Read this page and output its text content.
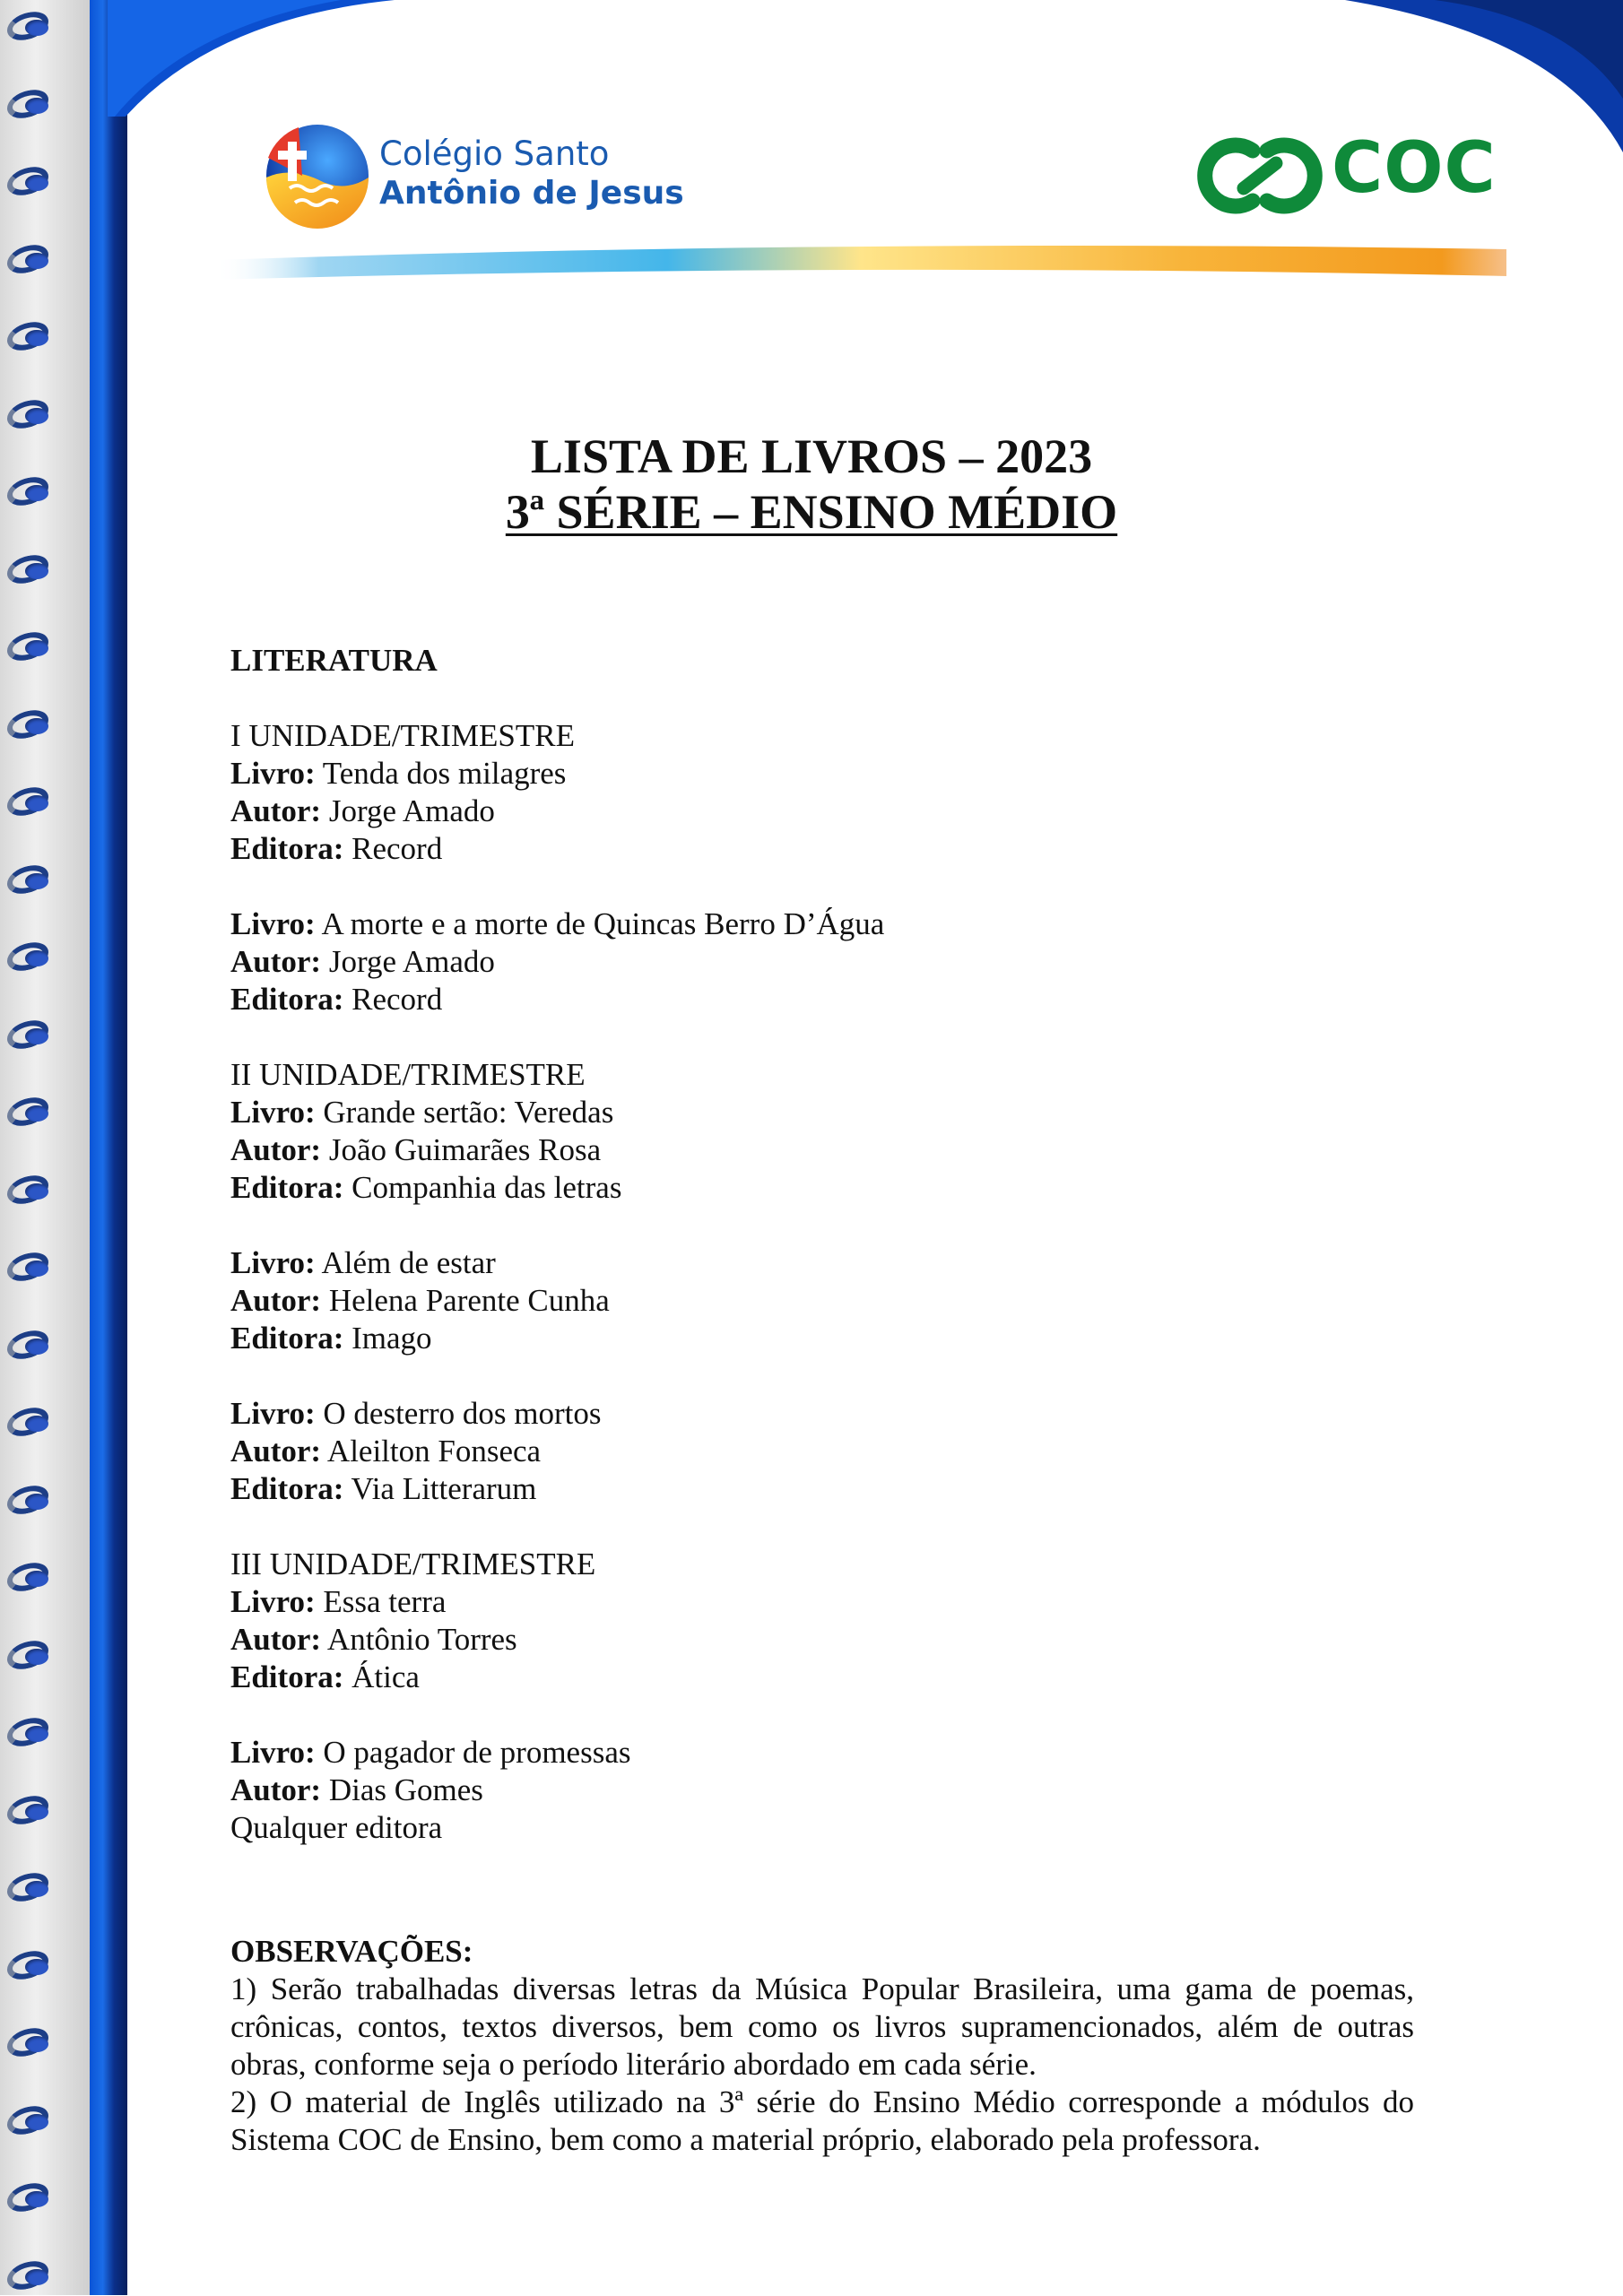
Colégio Santo
Antônio de Jesus	COC
LISTA DE LIVROS – 2023
3ª SÉRIE – ENSINO MÉDIO

LITERATURA

I UNIDADE/TRIMESTRE

Livro: Tenda dos milagres

Autor: Jorge Amado

Editora: Record

Livro: A morte e a morte de Quincas Berro D’Água

Autor: Jorge Amado

Editora: Record

II UNIDADE/TRIMESTRE

Livro: Grande sertão: Veredas

Autor: João Guimarães Rosa

Editora: Companhia das letras

Livro: Além de estar

Autor: Helena Parente Cunha

Editora: Imago

Livro: O desterro dos mortos

Autor: Aleilton Fonseca

Editora: Via Litterarum

III UNIDADE/TRIMESTRE

Livro: Essa terra

Autor: Antônio Torres

Editora: Ática

Livro: O pagador de promessas

Autor: Dias Gomes

Qualquer editora

OBSERVAÇÕES:

1) Serão trabalhadas diversas letras da Música Popular Brasileira, uma gama de poemas, crônicas, contos, textos diversos, bem como os livros supramencionados, além de outras obras, conforme seja o período literário abordado em cada série.

2) O material de Inglês utilizado na 3ª série do Ensino Médio corresponde a módulos do Sistema COC de Ensino, bem como a material próprio, elaborado pela professora.
